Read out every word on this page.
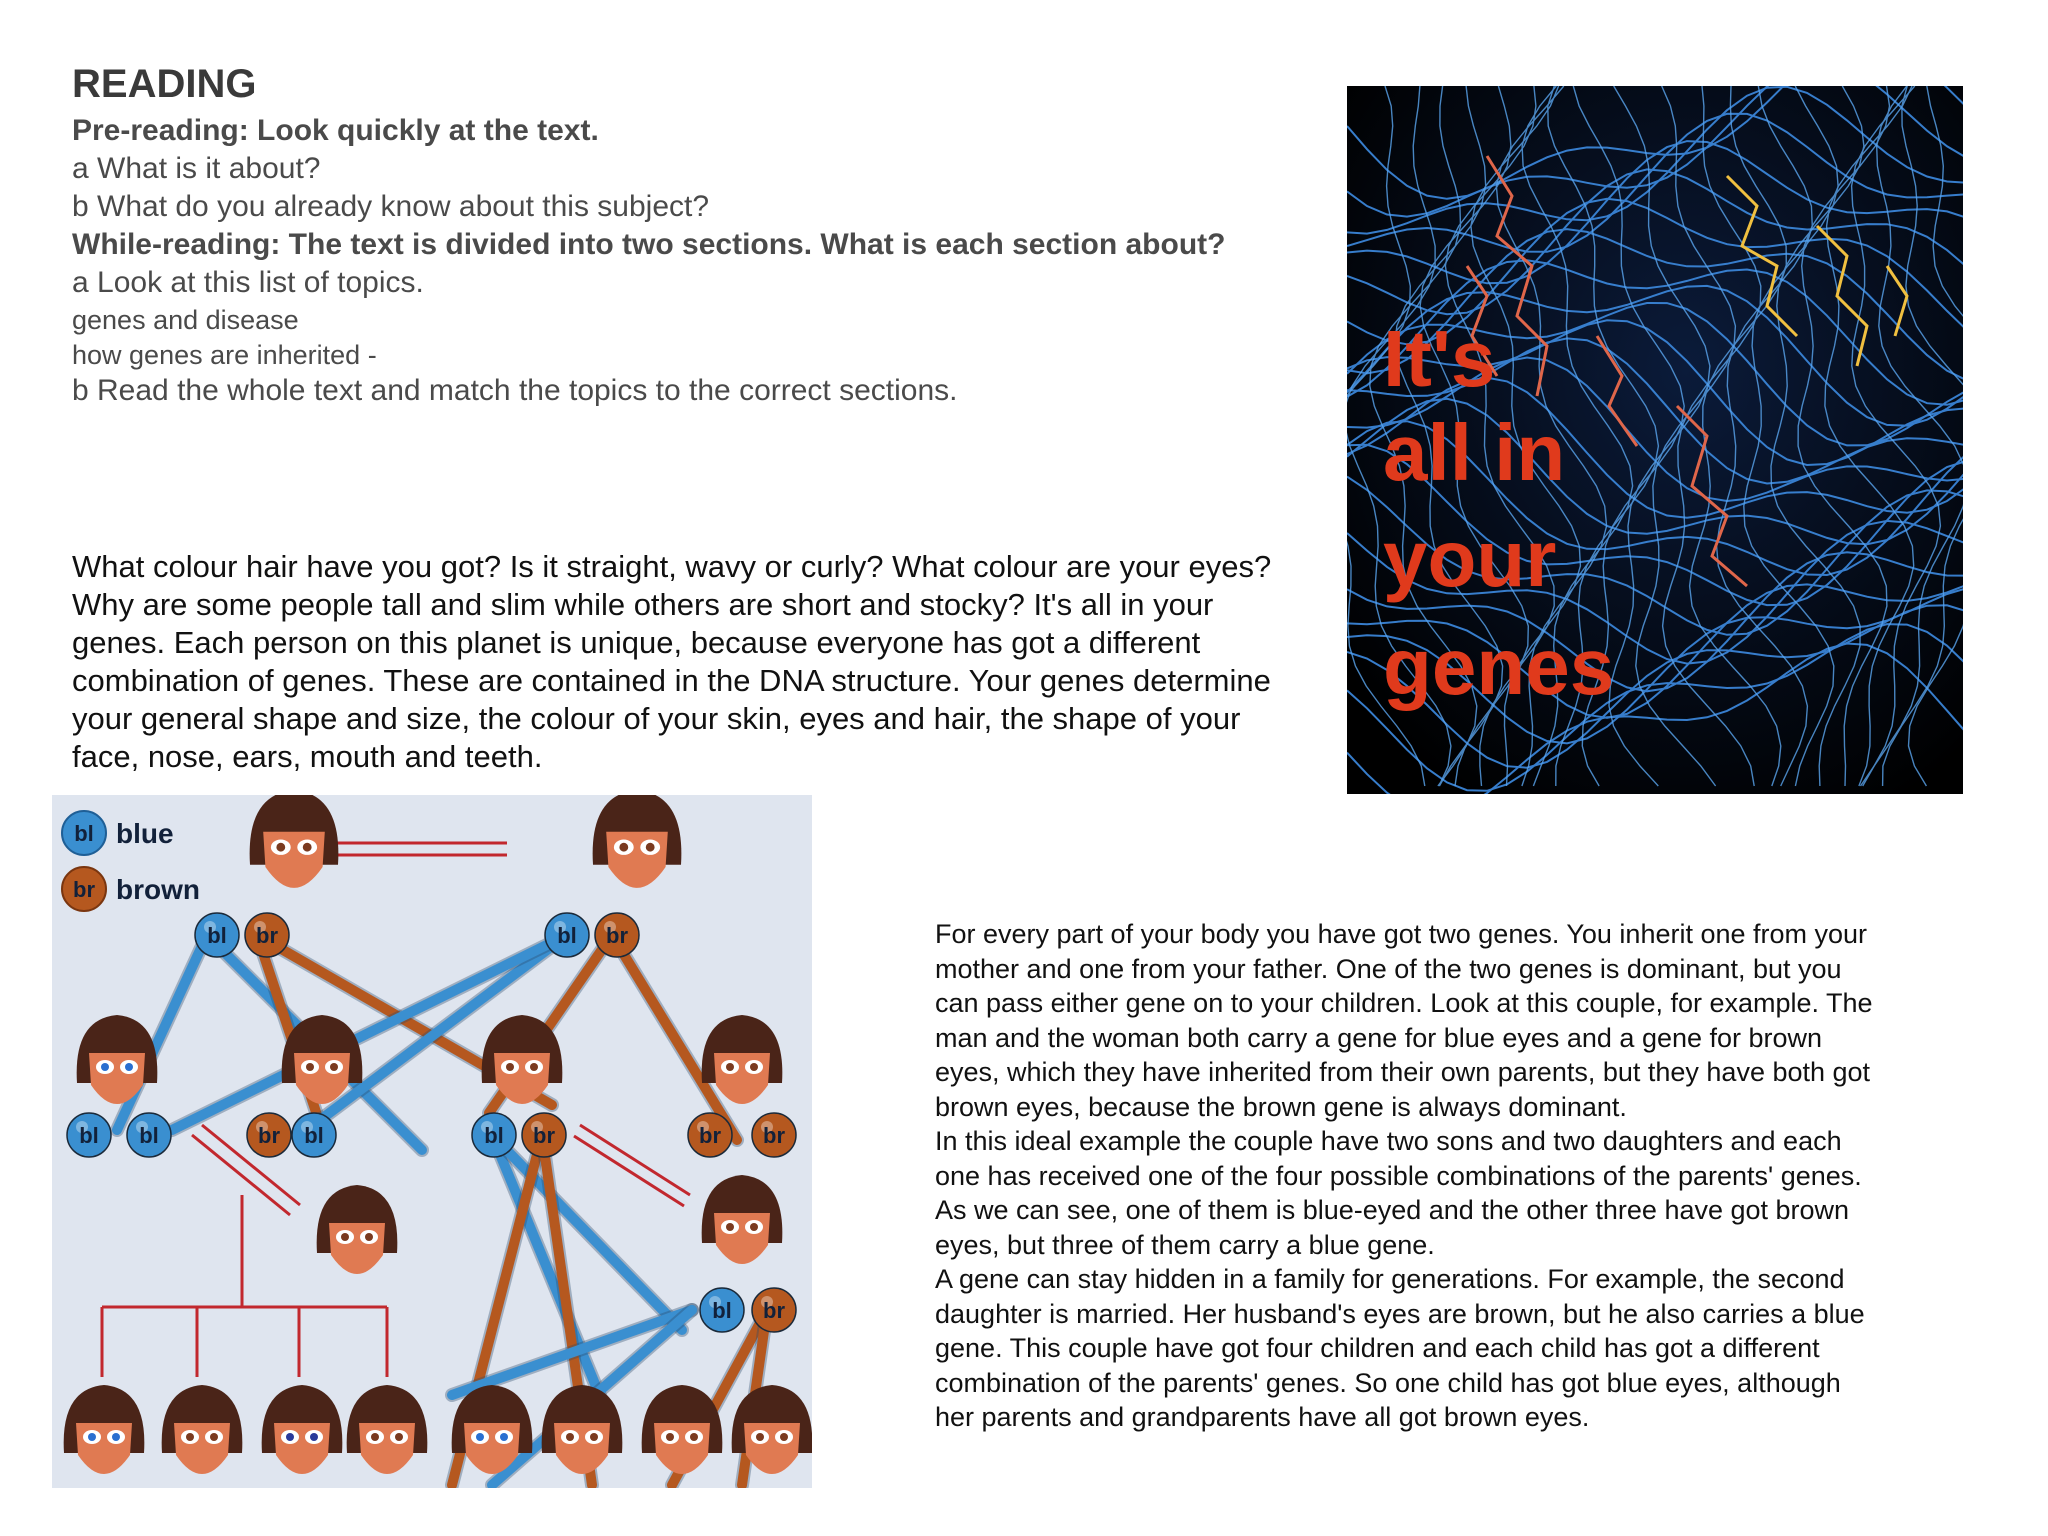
READING
Pre-reading: Look quickly at the text.
a What is it about?
b What do you already know about this subject?
While-reading: The text is divided into two sections. What is each section about?
a Look at this list of topics.
genes and disease
how genes are inherited -
b Read the whole text and match the topics to the correct sections.

What colour hair have you got? Is it straight, wavy or curly? What colour are your eyes?

Why are some people tall and slim while others are short and stocky? It's all in your

genes. Each person on this planet is unique, because everyone has got a different

combination of genes. These are contained in the DNA structure. Your genes determine

your general shape and size, the colour of your skin, eyes and hair, the shape of your

face, nose, ears, mouth and teeth.

It's
all in
your
genes
bl br	bl br
bl bl	br bl	bl br	br br
bl br
bl blue
br brown

For every part of your body you have got two genes. You inherit one from your

mother and one from your father. One of the two genes is dominant, but you

can pass either gene on to your children. Look at this couple, for example. The

man and the woman both carry a gene for blue eyes and a gene for brown

eyes, which they have inherited from their own parents, but they have both got

brown eyes, because the brown gene is always dominant.

In this ideal example the couple have two sons and two daughters and each

one has received one of the four possible combinations of the parents' genes.

As we can see, one of them is blue-eyed and the other three have got brown

eyes, but three of them carry a blue gene.

A gene can stay hidden in a family for generations. For example, the second

daughter is married. Her husband's eyes are brown, but he also carries a blue

gene. This couple have got four children and each child has got a different

combination of the parents' genes. So one child has got blue eyes, although

her parents and grandparents have all got brown eyes.
